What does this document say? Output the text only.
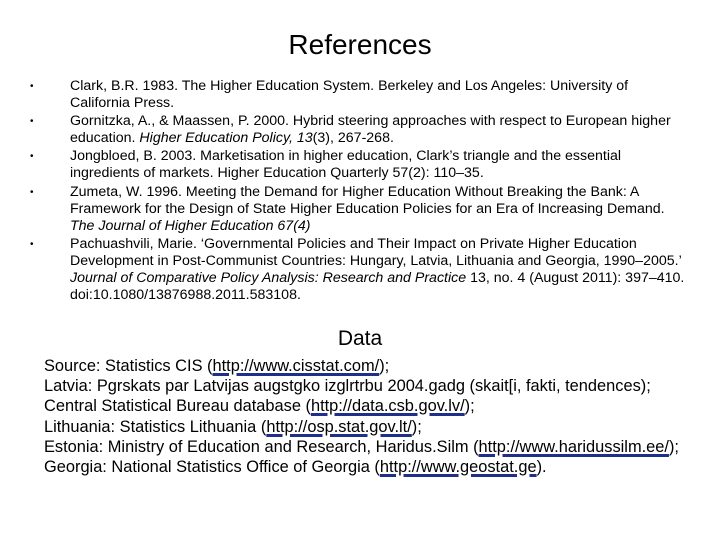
References
•	Clark, B.R. 1983. The Higher Education System. Berkeley and Los Angeles: University of California Press.
•	Gornitzka, A., & Maassen, P. 2000. Hybrid steering approaches with respect to European higher education. Higher Education Policy, 13(3), 267-268.
•	Jongbloed, B. 2003. Marketisation in higher education, Clark’s triangle and the essential ingredients of markets. Higher Education Quarterly 57(2): 110–35.
•	Zumeta, W. 1996. Meeting the Demand for Higher Education Without Breaking the Bank: A Framework for the Design of State Higher Education Policies for an Era of Increasing Demand. The Journal of Higher Education 67(4)
•	Pachuashvili, Marie. ‘Governmental Policies and Their Impact on Private Higher Education Development in Post-Communist Countries: Hungary, Latvia, Lithuania and Georgia, 1990–2005.’ Journal of Comparative Policy Analysis: Research and Practice 13, no. 4 (August 2011): 397–410. doi:10.1080/13876988.2011.583108.
Data
Source: Statistics CIS (http://www.cisstat.com/);
Latvia: Pgrskats par Latvijas augstgko izglrtrbu 2004.gadg (skait[i, fakti, tendences); Central Statistical Bureau database (http://data.csb.gov.lv/);
Lithuania: Statistics Lithuania (http://osp.stat.gov.lt/);
Estonia: Ministry of Education and Research, Haridus.Silm (http://www.haridussilm.ee/); Georgia: National Statistics Office of Georgia (http://www.geostat.ge).
